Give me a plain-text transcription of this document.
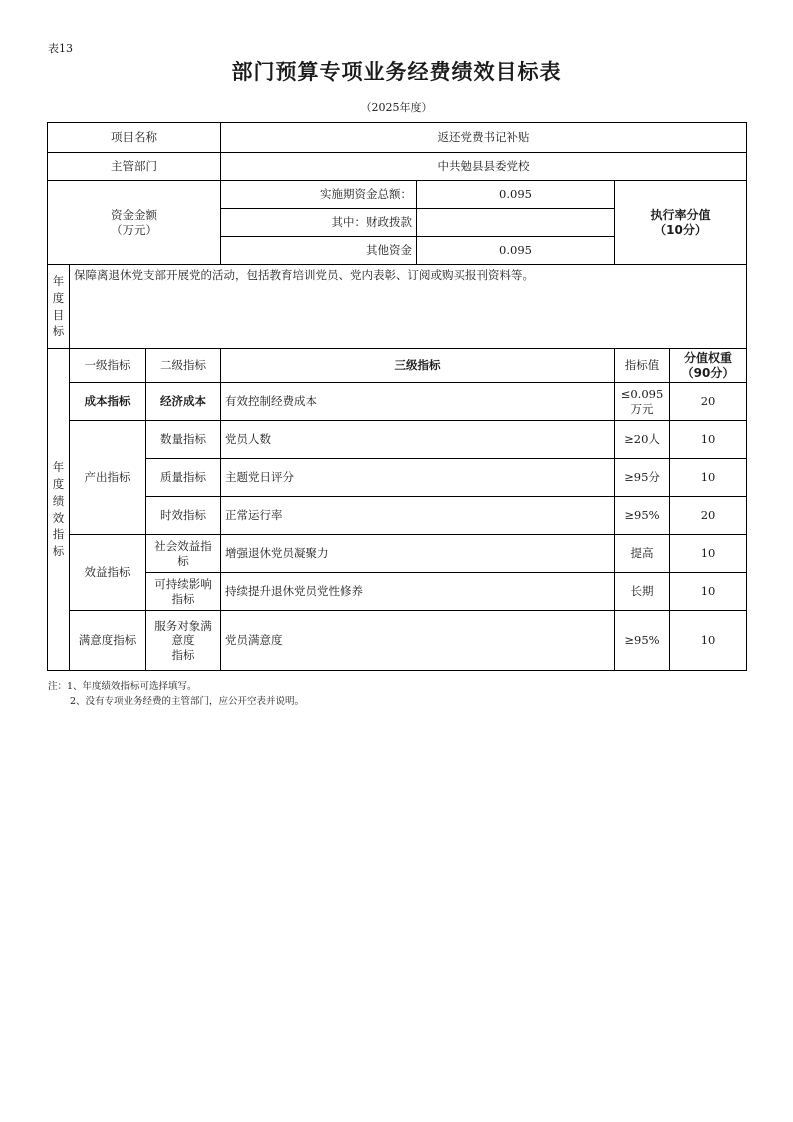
表13
部门预算专项业务经费绩效目标表
（2025年度）
项目名称			返还党费书记补贴			
主管部门			中共勉县县委党校			
资金金额
（万元）			实施期资金总额：	0.095	执行率分值
（10分）	
			其中：财政拨款			
			其他资金	0.095		

年度目标	保障离退休党支部开展党的活动，包括教育培训党员、党内表彰、订阅或购买报刊资料等。					

年度绩效指标	一级指标	二级指标	三级指标		指标值	分值权重
（90分）
	成本指标	经济成本	有效控制经费成本		≤0.095
万元	20
	产出指标	数量指标	党员人数		≥20人	10
		质量指标	主题党日评分		≥95分	10
		时效指标	正常运行率		≥95%	20
	效益指标	社会效益指
标	增强退休党员凝聚力		提高	10
		可持续影响
指标	持续提升退休党员党性修养		长期	10
	满意度指标	服务对象满
意度
指标	党员满意度		≥95%	10
注：1、年度绩效指标可选择填写。
2、没有专项业务经费的主管部门，应公开空表并说明。
